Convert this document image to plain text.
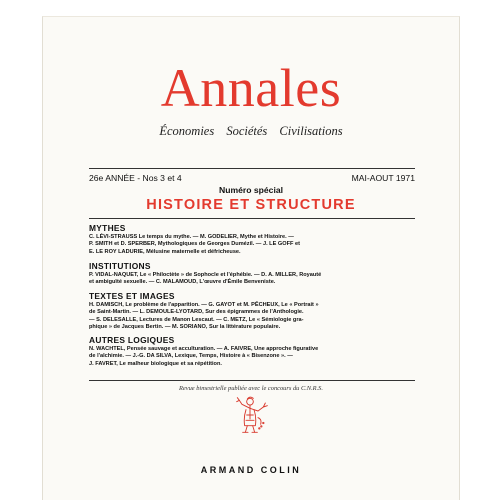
Annales
Économies Sociétés Civilisations
26e ANNÉE - Nos 3 et 4	MAI-AOUT 1971
Numéro spécial
HISTOIRE ET STRUCTURE
MYTHES

C. LÉVI-STRAUSS Le temps du mythe. — M. GODELIER, Mythe et Histoire. —

P. SMITH et D. SPERBER, Mythologiques de Georges Dumézil. — J. LE GOFF et

E. LE ROY LADURIE, Mélusine maternelle et défricheuse.

INSTITUTIONS

P. VIDAL-NAQUET, Le « Philoctète » de Sophocle et l'éphébie. — D. A. MILLER, Royauté

et ambiguïté sexuelle. — C. MALAMOUD, L'œuvre d'Émile Benveniste.

TEXTES ET IMAGES

H. DAMISCH, Le problème de l'apparition. — G. GAYOT et M. PÊCHEUX, Le « Portrait »

de Saint-Martin. — L. DEMOULE-LYOTARD, Sur des épigrammes de l'Anthologie.

— S. DELESALLE, Lectures de Manon Lescaut. — C. METZ, Le « Sémiologie gra-

phique » de Jacques Bertin. — M. SORIANO, Sur la littérature populaire.

AUTRES LOGIQUES

N. WACHTEL, Pensée sauvage et acculturation. — A. FAIVRE, Une approche figurative

de l'alchimie. — J.-G. DA SILVA, Lexique, Temps, Histoire à « Bisenzone ». —

J. FAVRET, Le malheur biologique et sa répétition.

Revue bimestrielle publiée avec le concours du C.N.R.S.
ARMAND COLIN
